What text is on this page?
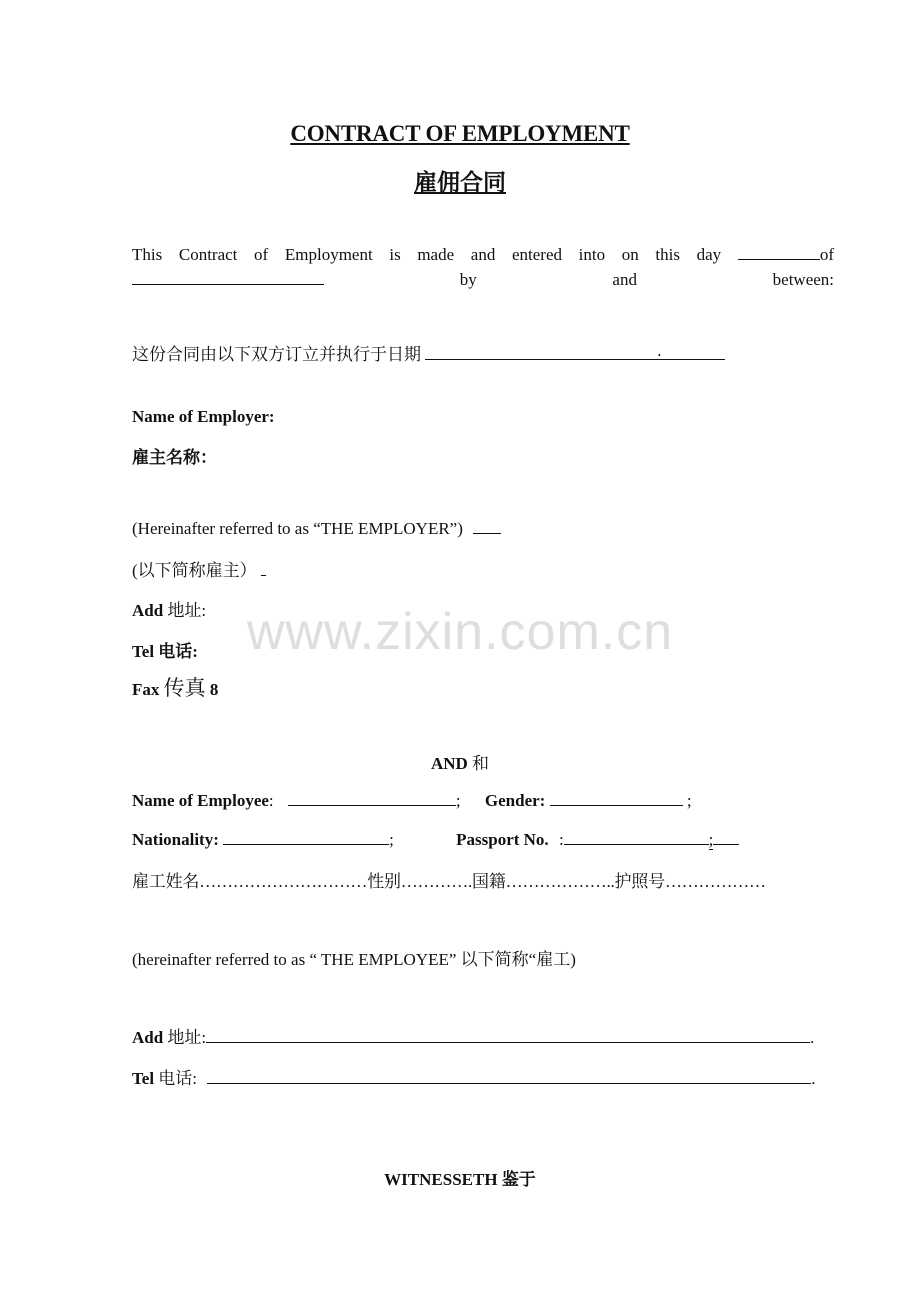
CONTRACT OF EMPLOYMENT
雇佣合同
This Contract of Employment is made and entered into on this day	of  by and between:
这份合同由以下双方订立并执行于日期	.
Name of Employer:
雇主名称：
(Hereinafter referred to as “THE EMPLOYER”)
(以下简称雇主）
Add 地址:
Tel 电话:
Fax 传真 8
AND 和
Name of Employee:	; Gender:	;
Nationality:	;	Passport No. :	;
雇工姓名…………………………性别………….国籍………………..护照号………………
(hereinafter referred to as “ THE EMPLOYEE” 以下简称“雇工)
Add 地址:	.
Tel 电话:	.
WITNESSETH 鉴于
www.zixin.com.cn
